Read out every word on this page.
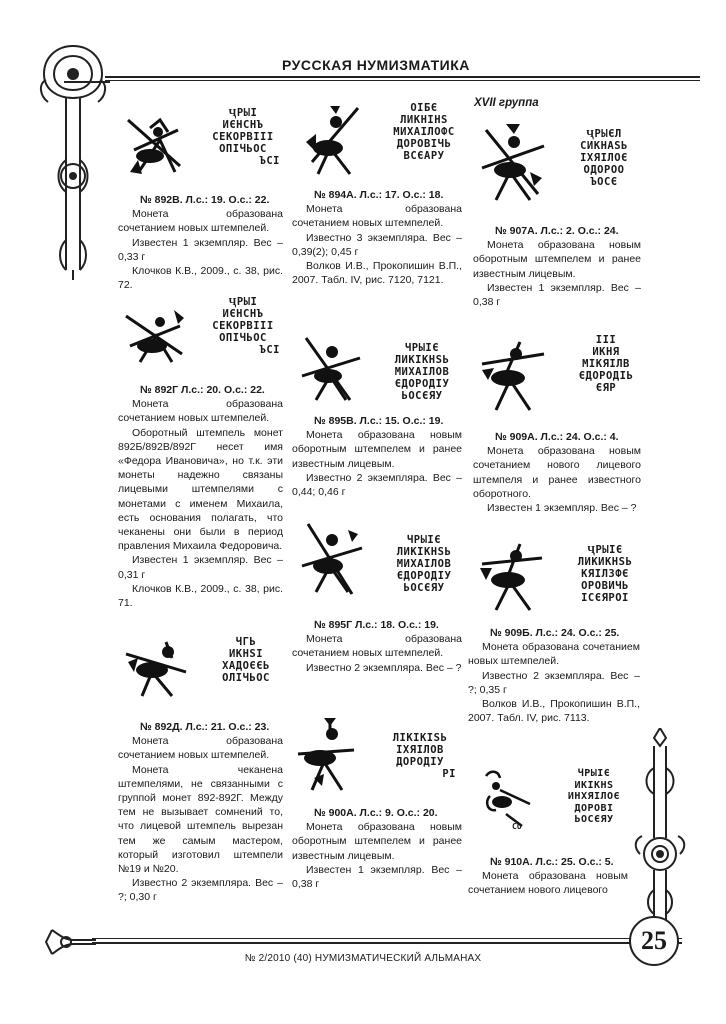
РУССКАЯ НУМИЗМАТИКА
XVII группа
ҶРЫӀ
ИЄНСНЪ
СЕКОРВІІІ
ОПІЧЬОС
ЪСІ

№ 892В. Л.с.: 19. О.с.: 22.

Монета образована сочетанием новых штемпелей.

Известен 1 экземпляр. Вес – 0,33 г

Клочков К.В., 2009., с. 38, рис. 72.

ҶРЫӀ
ИЄНСНЪ
СЕКОРВІІІ
ОПІЧЬОС
ЪСІ

№ 892Г Л.с.: 20. О.с.: 22.

Монета образована сочетанием новых штемпелей.

Оборотный штемпель монет 892Б/892В/892Г несет имя «Федора Ивановича», но т.к. эти монеты надежно связаны лицевыми штемпелями с монетами с именем Михаила, есть основания полагать, что чеканены они были в период правления Михаила Федоровича.

Известен 1 экземпляр. Вес – 0,31 г

Клочков К.В., 2009., с. 38, рис. 71.

ЧГЬ
ИКНЅІ
ХАДОЄЄЬ
ОЛІЧЬОС

№ 892Д. Л.с.: 21. О.с.: 23.

Монета образована сочетанием новых штемпелей.

Монета чеканена штемпелями, не связанными с группой монет 892-892Г. Между тем не вызывает сомнений то, что лицевой штемпель вырезан тем же самым мастером, который изготовил штемпели №19 и №20.

Известно 2 экземпляра. Вес – ?; 0,30 г

ОІБЄ
ЛИКНІНЅ
МИХАІЛОФС
ДОРОВІЧЬ
ВСЄАРУ

№ 894А. Л.с.: 17. О.с.: 18.

Монета образована сочетанием новых штемпелей.

Известно 3 экземпляра. Вес – 0,39(2); 0,45 г

Волков И.В., Прокопишин В.П., 2007. Табл. IV, рис. 7120, 7121.

ЧРЫІЄ
ЛИКІКНЅЬ
МИХАІЛОВ
ЄДОРОДІУ
ЬОСЄЯУ

№ 895В. Л.с.: 15. О.с.: 19.

Монета образована новым оборотным штемпелем и ранее известным лицевым.

Известно 2 экземпляра. Вес – 0,44; 0,46 г

ЧРЫІЄ
ЛИКІКНЅЬ
МИХАІЛОВ
ЄДОРОДІУ
ЬОСЄЯУ

№ 895Г Л.с.: 18. О.с.: 19.

Монета образована сочетанием новых штемпелей.

Известно 2 экземпляра. Вес – ?

ЛІКІКІЅЬ
ІХЯІЛОВ
ДОРОДІУ
РІ

№ 900А. Л.с.: 9. О.с.: 20.

Монета образована новым оборотным штемпелем и ранее известным лицевым.

Известен 1 экземпляр. Вес – 0,38 г

ҶРЫЄЛ
СИКНАЅЬ
ІХЯІЛОЄ
ОДОРОО
ЪОСЄ

№ 907А. Л.с.: 2. О.с.: 24.

Монета образована новым оборотным штемпелем и ранее известным лицевым.

Известен 1 экземпляр. Вес – 0,38 г

ІІІ
ИКНЯ
МІКЯІЛВ
ЄДОРОДІЬ
ЄЯР

№ 909А. Л.с.: 24. О.с.: 4.

Монета образована новым сочетанием нового лицевого штемпеля и ранее известного оборотного.

Известен 1 экземпляр. Вес – ?

ҶРЫІЄ
ЛИКИКНЅЬ
КЯІЛЗФЄ
ОРОВИЧЬ
ІСЄЯРОІ

№ 909Б. Л.с.: 24. О.с.: 25.

Монета образована сочетанием новых штемпелей.

Известно 2 экземпляра. Вес – ?; 0,35 г

Волков И.В., Прокопишин В.П., 2007. Табл. IV, рис. 7113.

СО
ЧРЫІЄ
ИКІКНЅ
ИНХЯІЛОЄ
ДОРОВІ
ЬОСЄЯУ

№ 910А. Л.с.: 25. О.с.: 5.

Монета образована новым сочетанием нового лицевого

25
№ 2/2010 (40) НУМИЗМАТИЧЕСКИЙ АЛЬМАНАХ
